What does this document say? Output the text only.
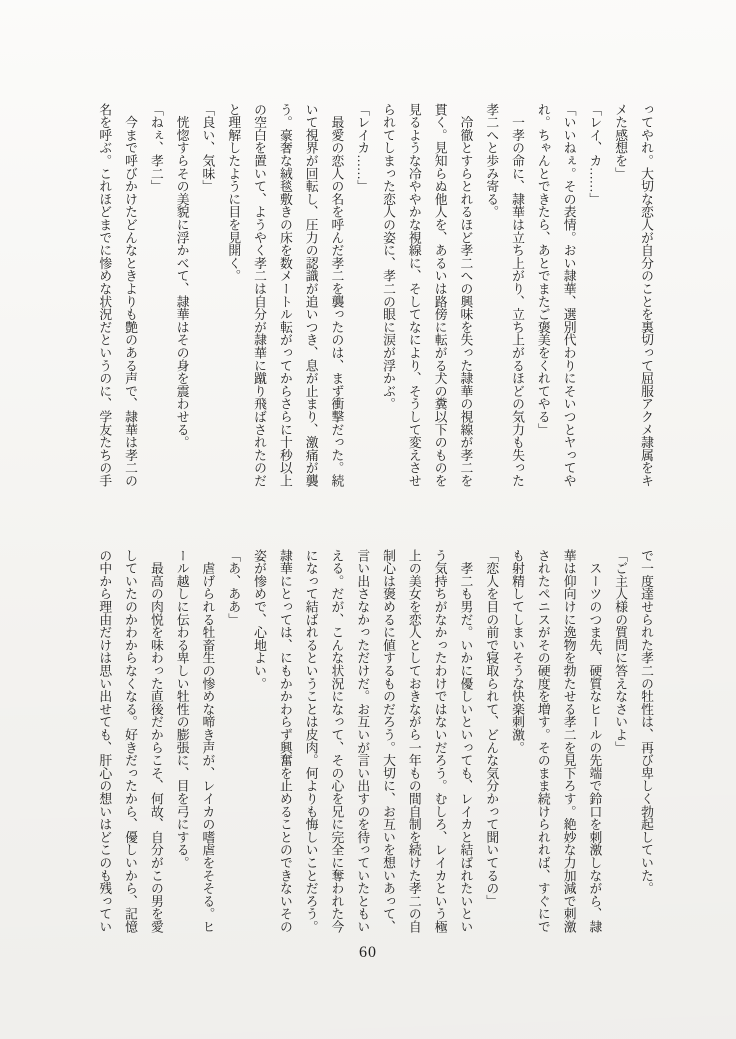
ってやれ。大切な恋人が自分のことを裏切って屈服アクメ隷属をキメた感想を」

「レイ、カ……」

「いいねぇ。その表情。おい隷華、選別代わりにそいつとヤってやれ。ちゃんとできたら、あとでまたご褒美をくれてやる」

　一孝の命に、隷華は立ち上がり、立ち上がるほどの気力も失った孝二へと歩み寄る。

　冷徹とすらとれるほど孝二への興味を失った隷華の視線が孝二を貫く。見知らぬ他人を、あるいは路傍に転がる犬の糞以下のものを見るような冷ややかな視線に、そしてなにより、そうして変えさせられてしまった恋人の姿に、孝二の眼に涙が浮かぶ。

「レイカ……」

　最愛の恋人の名を呼んだ孝二を襲ったのは、まず衝撃だった。続いて視界が回転し、圧力の認識が追いつき、息が止まり、激痛が襲う。豪奢な絨毯敷きの床を数メートル転がってからさらに十秒以上の空白を置いて、ようやく孝二は自分が隷華に蹴り飛ばされたのだと理解したように目を見開く。

「良い、気味」

　恍惚すらその美貌に浮かべて、隷華はその身を震わせる。

「ねぇ、孝二」

　今まで呼びかけたどんなときよりも艶のある声で、隷華は孝二の名を呼ぶ。これほどまでに惨めな状況だというのに、学友たちの手

で一度達せられた孝二の牡性は、再び卑しく勃起していた。

「ご主人様の質問に答えなさいよ」

　スーツのつま先、硬質なヒールの先端で鈴口を刺激しながら、隷華は仰向けに逸物を勃たせる孝二を見下ろす。絶妙な力加減で刺激されたペニスがその硬度を増す。そのまま続けられれば、すぐにでも射精してしまいそうな快楽刺激。

「恋人を目の前で寝取られて、どんな気分かって聞いてるの」

　孝二も男だ。いかに優しいといっても、レイカと結ばれたいという気持ちがなかったわけではないだろう。むしろ、レイカという極上の美女を恋人としておきながら一年もの間自制を続けた孝二の自制心は褒めるに値するものだろう。大切に、お互いを想いあって、言い出さなかっただけだ。お互いが言い出すのを待っていたともいえる。だが、こんな状況になって、その心を兄に完全に奪われた今になって結ばれるということは皮肉。何よりも悔しいことだろう。隷華にとっては、にもかかわらず興奮を止めることのできないその姿が惨めで、心地よい。

「あ、ああ」

　虐げられる牡畜生の惨めな啼き声が、レイカの嗜虐をそそる。ヒール越しに伝わる卑しい牡性の膨張に、目を弓にする。

　最高の肉悦を味わった直後だからこそ、何故、自分がこの男を愛していたのかわからなくなる。好きだったから、優しいから、記憶の中から理由だけは思い出せても、肝心の想いはどこのも残ってい

60
